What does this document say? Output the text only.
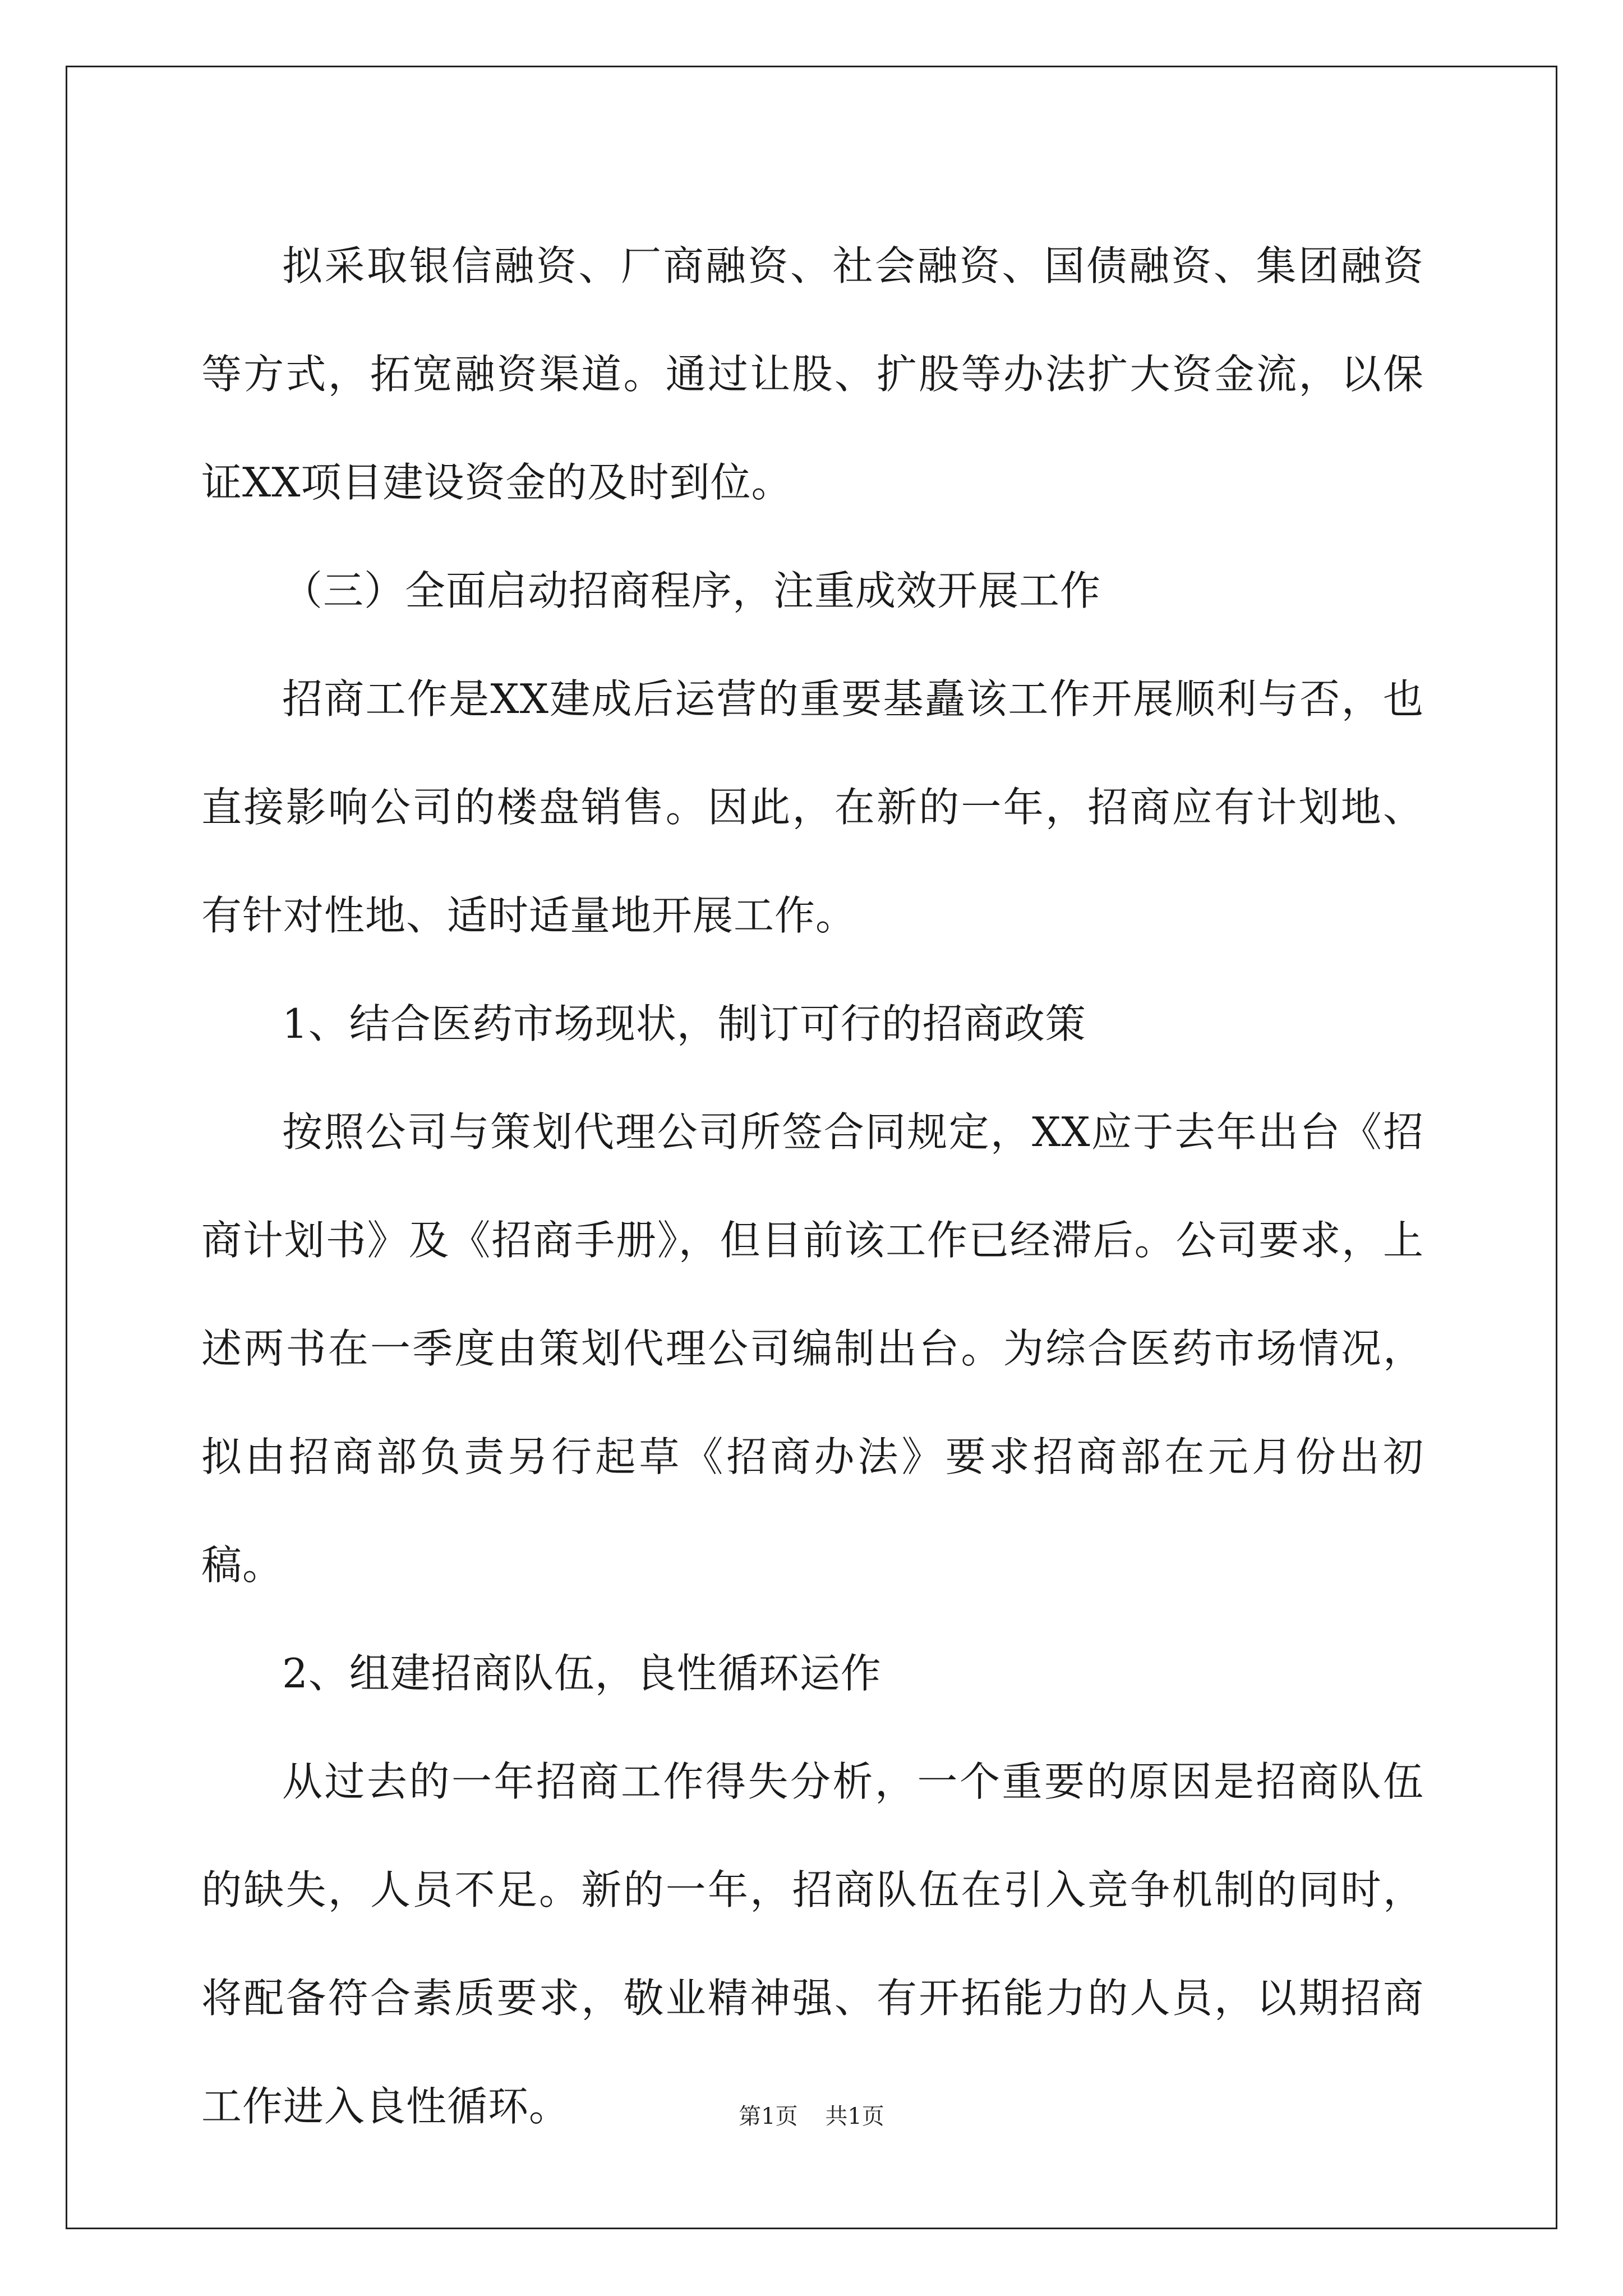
拟采取银信融资、厂商融资、社会融资、国债融资、集团融资等方式，拓宽融资渠道。通过让股、扩股等办法扩大资金流，以保证XX项目建设资金的及时到位。

（三）全面启动招商程序，注重成效开展工作

招商工作是XX建成后运营的重要基矗该工作开展顺利与否，也直接影响公司的楼盘销售。因此，在新的一年，招商应有计划地、有针对性地、适时适量地开展工作。

1、结合医药市场现状，制订可行的招商政策

按照公司与策划代理公司所签合同规定，XX应于去年出台《招商计划书》及《招商手册》，但目前该工作已经滞后。公司要求，上述两书在一季度由策划代理公司编制出台。为综合医药市场情况，拟由招商部负责另行起草《招商办法》要求招商部在元月份出初稿。

2、组建招商队伍，良性循环运作

从过去的一年招商工作得失分析，一个重要的原因是招商队伍的缺失，人员不足。新的一年，招商队伍在引入竞争机制的同时，将配备符合素质要求，敬业精神强、有开拓能力的人员，以期招商工作进入良性循环。	第1页 共1页
